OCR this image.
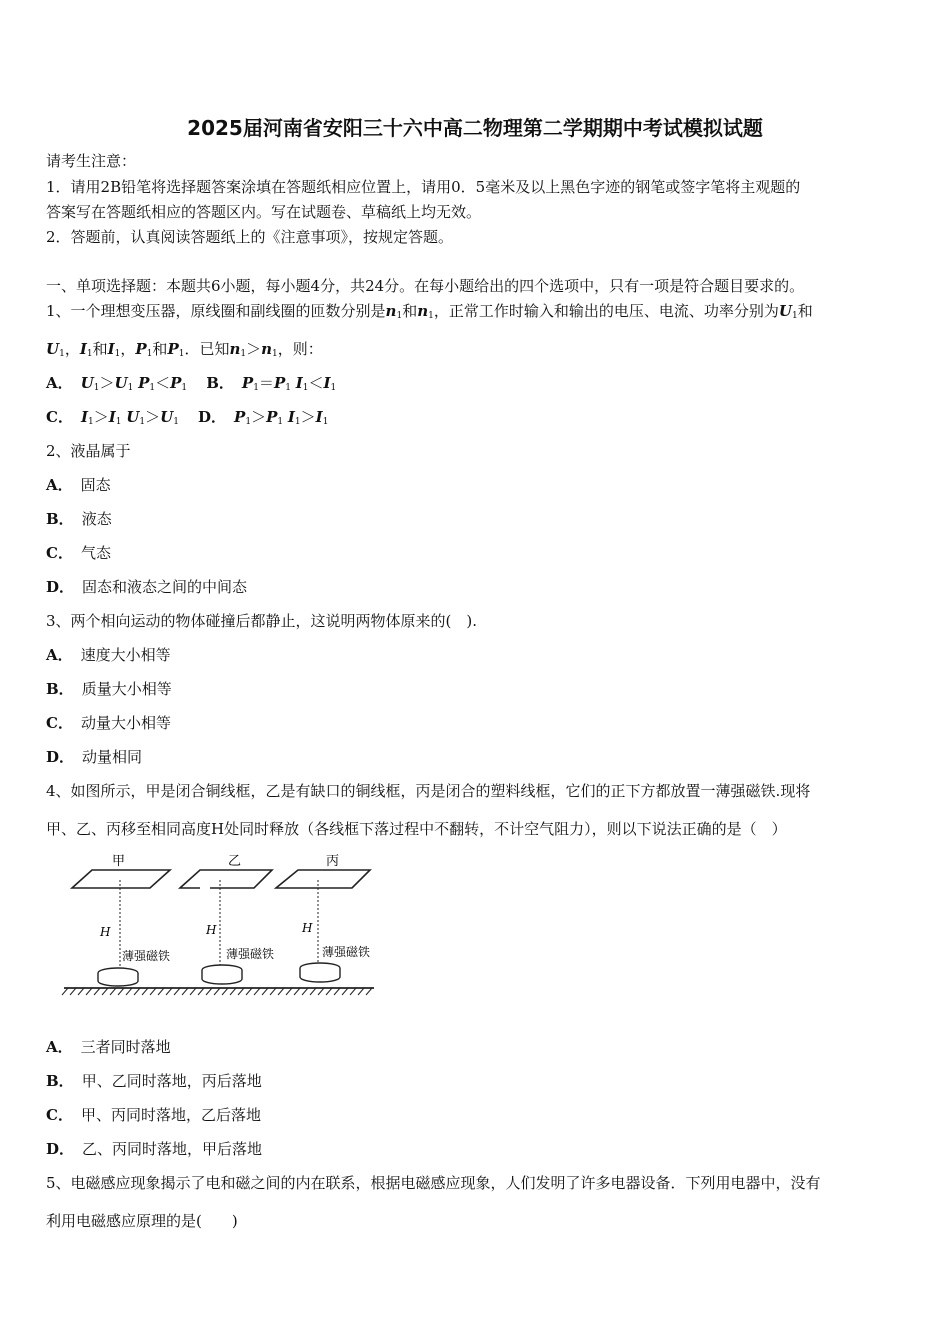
2025届河南省安阳三十六中高二物理第二学期期中考试模拟试题
请考生注意：
1．请用2B铅笔将选择题答案涂填在答题纸相应位置上，请用0．5毫米及以上黑色字迹的钢笔或签字笔将主观题的
答案写在答题纸相应的答题区内。写在试题卷、草稿纸上均无效。
2．答题前，认真阅读答题纸上的《注意事项》，按规定答题。
一、单项选择题：本题共6小题，每小题4分，共24分。在每小题给出的四个选项中，只有一项是符合题目要求的。
1、一个理想变压器，原线圈和副线圈的匝数分别是$n_1$和$n_1$，正常工作时输入和输出的电压、电流、功率分别为$U_1$和
$U_1$，$I_1$和$I_1$，$P_1$和$P_1$．已知$n_1>n_1$，则：
A． $U_1>U_1$ $P_1<P_1$ B． $P_1=P_1$ $I_1<I_1$
C． $I_1>I_1$ $U_1>U_1$ D． $P_1>P_1$ $I_1>I_1$
2、液晶属于
A． 固态
B． 液态
C． 气态
D． 固态和液态之间的中间态
3、两个相向运动的物体碰撞后都静止，这说明两物体原来的(　).
A． 速度大小相等
B． 质量大小相等
C． 动量大小相等
D． 动量相同
4、如图所示，甲是闭合铜线框，乙是有缺口的铜线框，丙是闭合的塑料线框，它们的正下方都放置一薄强磁铁.现将
甲、乙、丙移至相同高度H处同时释放（各线框下落过程中不翻转，不计空气阻力），则以下说法正确的是（　）
甲
H
薄强磁铁
乙
H
薄强磁铁
丙
H
薄强磁铁
A． 三者同时落地
B． 甲、乙同时落地，丙后落地
C． 甲、丙同时落地，乙后落地
D． 乙、丙同时落地，甲后落地
5、电磁感应现象揭示了电和磁之间的内在联系，根据电磁感应现象，人们发明了许多电器设备．下列用电器中，没有
利用电磁感应原理的是(　　)
